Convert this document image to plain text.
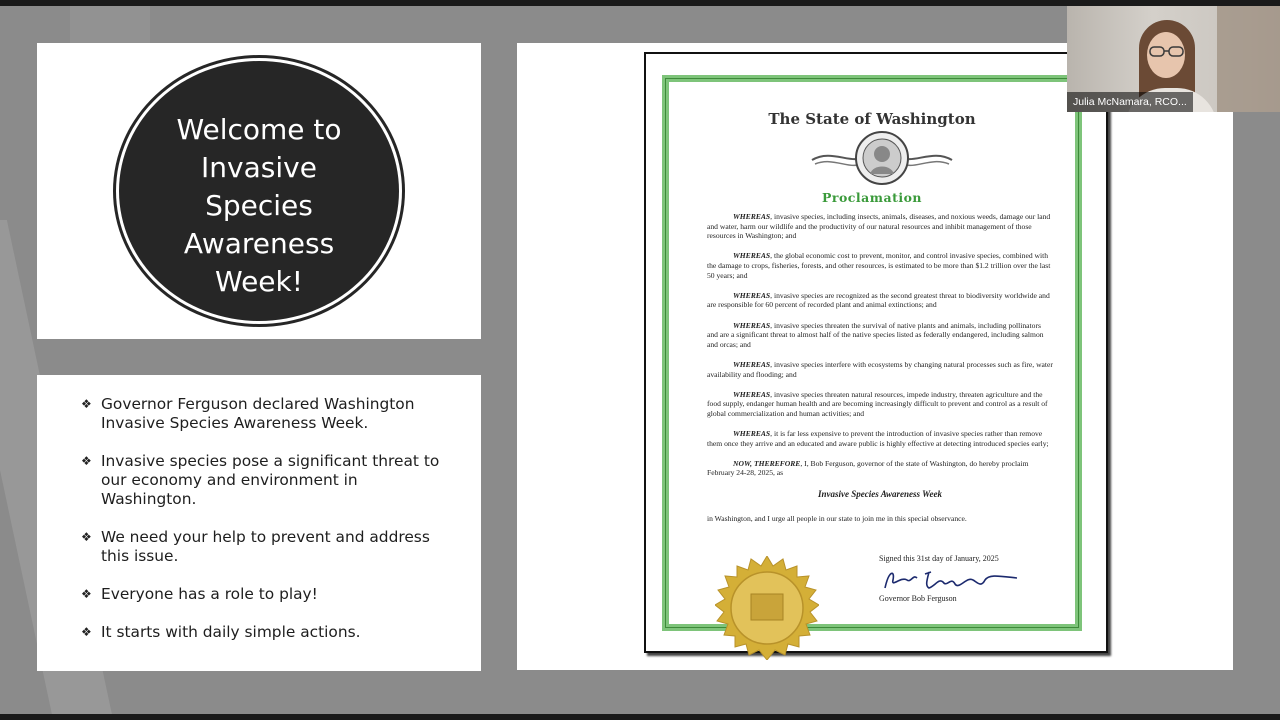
Welcome to
Invasive
Species
Awareness
Week!
❖ Governor Ferguson declared Washington Invasive Species Awareness Week.
❖ Invasive species pose a significant threat to our economy and environment in Washington.
❖ We need your help to prevent and address this issue.
❖ Everyone has a role to play!
❖ It starts with daily simple actions.
The State of Washington
Proclamation

WHEREAS, invasive species, including insects, animals, diseases, and noxious weeds, damage our land and water, harm our wildlife and the productivity of our natural resources and inhibit management of those resources in Washington; and

WHEREAS, the global economic cost to prevent, monitor, and control invasive species, combined with the damage to crops, fisheries, forests, and other resources, is estimated to be more than $1.2 trillion over the last 50 years; and

WHEREAS, invasive species are recognized as the second greatest threat to biodiversity worldwide and are responsible for 60 percent of recorded plant and animal extinctions; and

WHEREAS, invasive species threaten the survival of native plants and animals, including pollinators and are a significant threat to almost half of the native species listed as federally endangered, including salmon and orcas; and

WHEREAS, invasive species interfere with ecosystems by changing natural processes such as fire, water availability and flooding; and

WHEREAS, invasive species threaten natural resources, impede industry, threaten agriculture and the food supply, endanger human health and are becoming increasingly difficult to prevent and control as a result of global commercialization and human activities; and

WHEREAS, it is far less expensive to prevent the introduction of invasive species rather than remove them once they arrive and an educated and aware public is highly effective at detecting introduced species early;

NOW, THEREFORE, I, Bob Ferguson, governor of the state of Washington, do hereby proclaim February 24-28, 2025, as

Invasive Species Awareness Week

in Washington, and I urge all people in our state to join me in this special observance.

Signed this 31st day of January, 2025
Governor Bob Ferguson
Julia McNamara, RCO...
